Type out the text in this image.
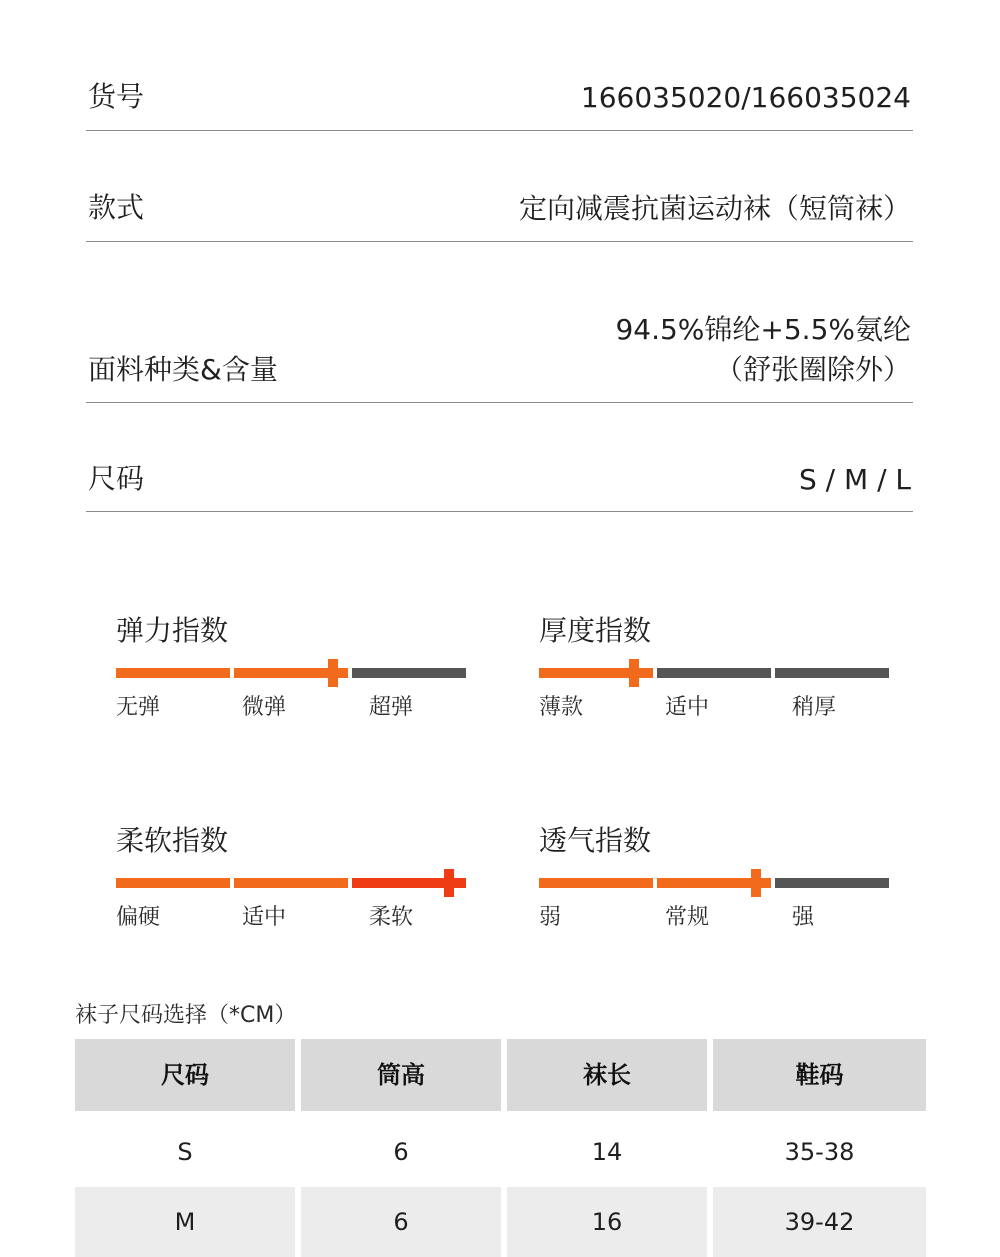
货号	166035020/166035024
款式	定向减震抗菌运动袜（短筒袜）
面料种类&含量
94.5%锦纶+5.5%氨纶
（舒张圈除外）
尺码	S / M / L
弹力指数
无弹	微弹	超弹
厚度指数
薄款	适中	稍厚
柔软指数
偏硬	适中	柔软
透气指数
弱	常规	强
袜子尺码选择（*CM）
尺码	筒高	袜长	鞋码
S	6	14	35-38
M	6	16	39-42
